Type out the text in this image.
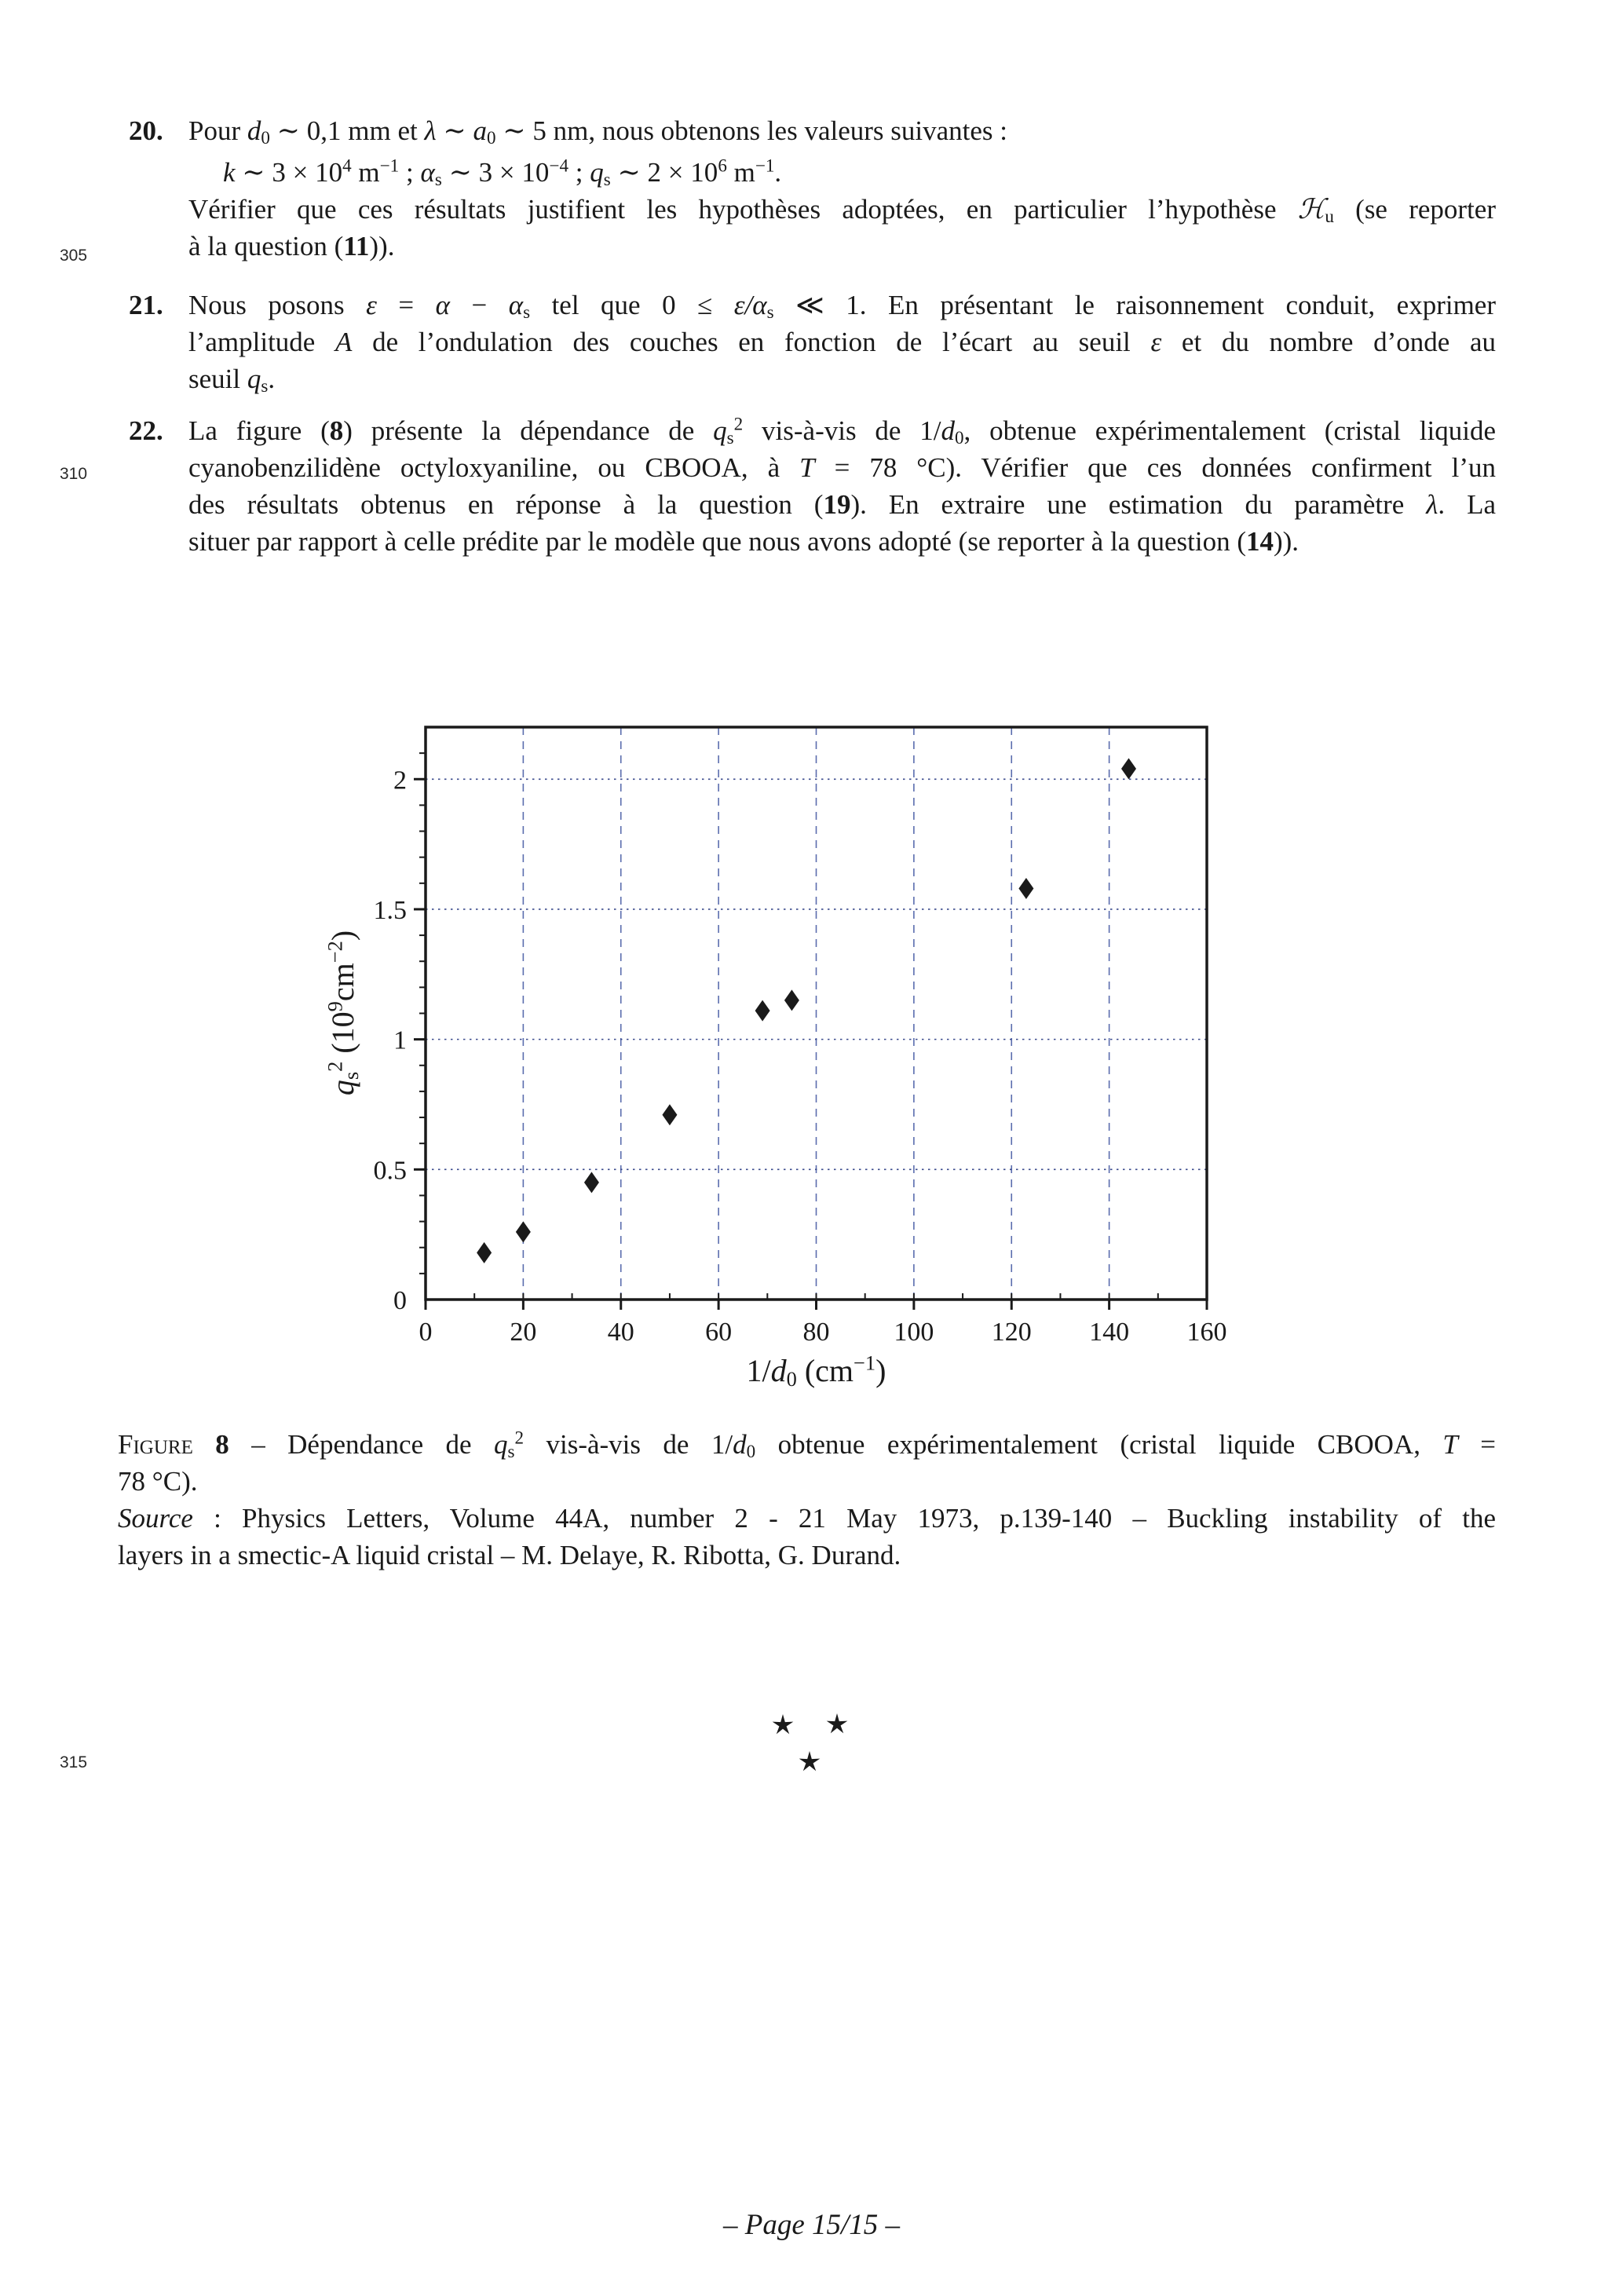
305
310
315
20. Pour d0 ∼ 0,1 mm et λ ∼ a0 ∼ 5 nm, nous obtenons les valeurs suivantes :
k ∼ $3 \times 10^4$ $m^{-1}$ ; αs ∼ $3 \times 10^{-4}$ ; qs ∼ $2 \times 10^6$ $m^{-1}$.
Vérifier que ces résultats justifient les hypothèses adoptées, en particulier l’hypothèse ℋu (se reporter
à la question (11)).
21. Nous posons ε = α − αs tel que 0 ≤ ε/αs ≪ 1. En présentant le raisonnement conduit, exprimer
l’amplitude A de l’ondulation des couches en fonction de l’écart au seuil ε et du nombre d’onde au
seuil qs.
22. La figure (8) présente la dépendance de $qs^2$ vis-à-vis de 1/d0, obtenue expérimentalement (cristal liquide
cyanobenzilidène octyloxyaniline, ou CBOOA, à T = 78 °C). Vérifier que ces données confirment l’un
des résultats obtenus en réponse à la question (19). En extraire une estimation du paramètre λ. La
situer par rapport à celle prédite par le modèle que nous avons adopté (se reporter à la question (14)).
0
0.5
1
1.5
2
0	20	40	60	80 100 120 140 160
1/d0 $(cm^{-1})$
$qs^2$ $(10^9cm^{-2})$
Figure 8 – Dépendance de $qs^2$ vis-à-vis de 1/d0 obtenue expérimentalement (cristal liquide CBOOA, T =
78 °C).
Source : Physics Letters, Volume 44A, number 2 - 21 May 1973, p.139-140 – Buckling instability of the
layers in a smectic-A liquid cristal – M. Delaye, R. Ribotta, G. Durand.
– Page 15/15 –
